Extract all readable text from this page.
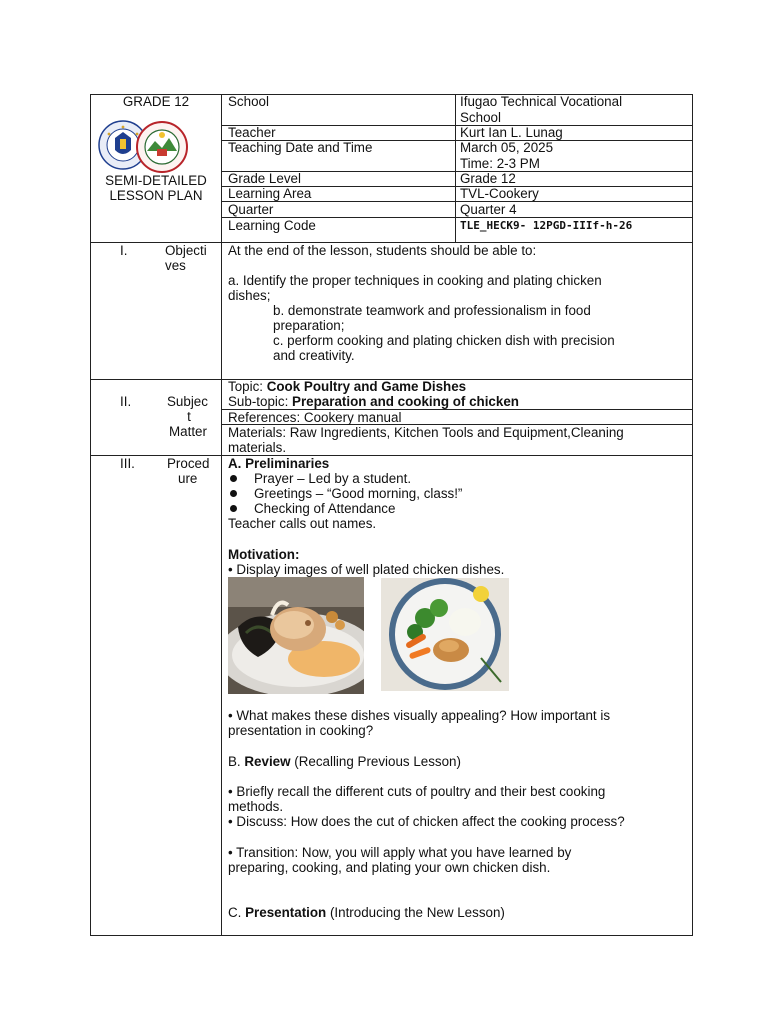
GRADE 12
SEMI-DETAILED
LESSON PLAN
School	Ifugao Technical Vocational
School
Teacher	Kurt Ian L. Lunag
Teaching Date and Time	March 05, 2025
Time: 2-3 PM
Grade Level	Grade 12
Learning Area	TVL-Cookery
Quarter	Quarter 4
Learning Code	TLE_HECK9- 12PGD-IIIf-h-26
I.	Objecti
ves
At the end of the lesson, students should be able to:
a. Identify the proper techniques in cooking and plating chicken
dishes;
b. demonstrate teamwork and professionalism in food
preparation;
c. perform cooking and plating chicken dish with precision
and creativity.
II.	Subjec
t
Matter
Topic: Cook Poultry and Game Dishes
Sub-topic: Preparation and cooking of chicken
References: Cookery manual
Materials: Raw Ingredients, Kitchen Tools and Equipment,Cleaning
materials.
III. Proced
ure
A. Preliminaries
Prayer – Led by a student.
Greetings – “Good morning, class!”
Checking of Attendance
Teacher calls out names.
Motivation:
• Display images of well plated chicken dishes.
• What makes these dishes visually appealing? How important is
presentation in cooking?
B. Review (Recalling Previous Lesson)
• Briefly recall the different cuts of poultry and their best cooking
methods.
• Discuss: How does the cut of chicken affect the cooking process?
• Transition: Now, you will apply what you have learned by
preparing, cooking, and plating your own chicken dish.
C. Presentation (Introducing the New Lesson)
